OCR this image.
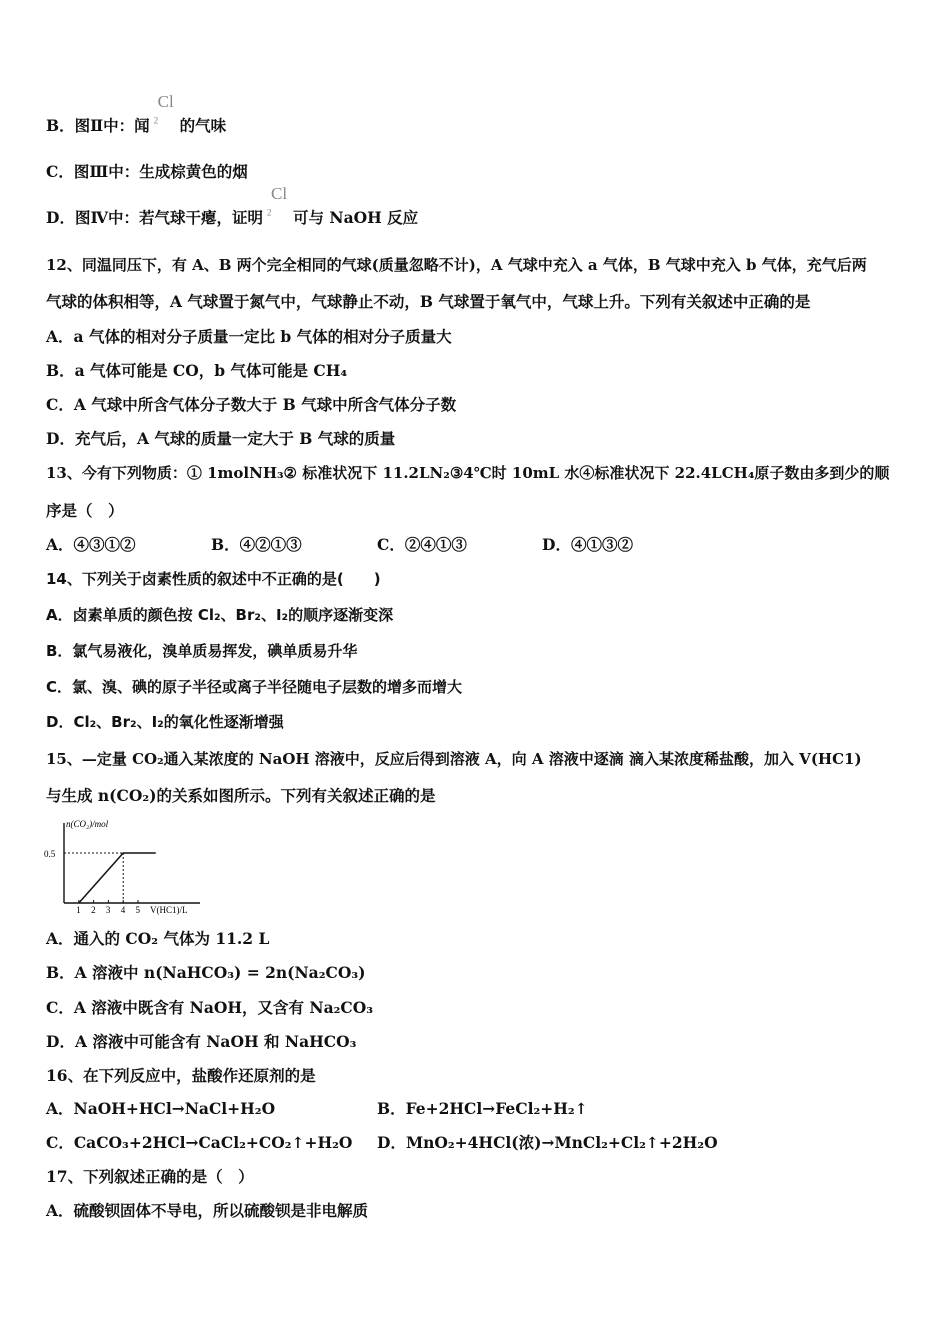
B．图Ⅱ中：闻
Cl
$_2$ 的气味
C．图Ⅲ中：生成棕黄色的烟
D．图Ⅳ中：若气球干瘪，证明
Cl
$_2$ 可与 NaOH 反应
12、同温同压下，有 A、B 两个完全相同的气球(质量忽略不计)，A 气球中充入 a 气体，B 气球中充入 b 气体，充气后两
气球的体积相等，A 气球置于氮气中，气球静止不动，B 气球置于氧气中，气球上升。下列有关叙述中正确的是
A．a 气体的相对分子质量一定比 b 气体的相对分子质量大
B．a 气体可能是 CO，b 气体可能是 CH₄
C．A 气球中所含气体分子数大于 B 气球中所含气体分子数
D．充气后，A 气球的质量一定大于 B 气球的质量
13、今有下列物质：① 1molNH₃② 标准状况下 11.2LN₂③4℃时 10mL 水④标准状况下 22.4LCH₄原子数由多到少的顺
序是（　）
A．④③①②	B．④②①③	C．②④①③	D．④①③②
14、下列关于卤素性质的叙述中不正确的是(　　)
A．卤素单质的颜色按 Cl₂、Br₂、I₂的顺序逐渐变深
B．氯气易液化，溴单质易挥发，碘单质易升华
C．氯、溴、碘的原子半径或离子半径随电子层数的增多而增大
D．Cl₂、Br₂、I₂的氧化性逐渐增强
15、—定量 CO₂通入某浓度的 NaOH 溶液中，反应后得到溶液 A，向 A 溶液中逐滴 滴入某浓度稀盐酸，加入 V(HC1)
与生成 n(CO₂)的关系如图所示。下列有关叙述正确的是
n(CO₂)/mol
0.5
1 2 3 4 5 V(HC1)/L
A．通入的 CO₂ 气体为 11.2 L
B．A 溶液中 n(NaHCO₃) = 2n(Na₂CO₃)
C．A 溶液中既含有 NaOH，又含有 Na₂CO₃
D．A 溶液中可能含有 NaOH 和 NaHCO₃
16、在下列反应中，盐酸作还原剂的是
A．NaOH+HCl→NaCl+H₂O	B．Fe+2HCl→FeCl₂+H₂↑
C．CaCO₃+2HCl→CaCl₂+CO₂↑+H₂O D．MnO₂+4HCl(浓)→MnCl₂+Cl₂↑+2H₂O
17、下列叙述正确的是（　）
A．硫酸钡固体不导电，所以硫酸钡是非电解质
